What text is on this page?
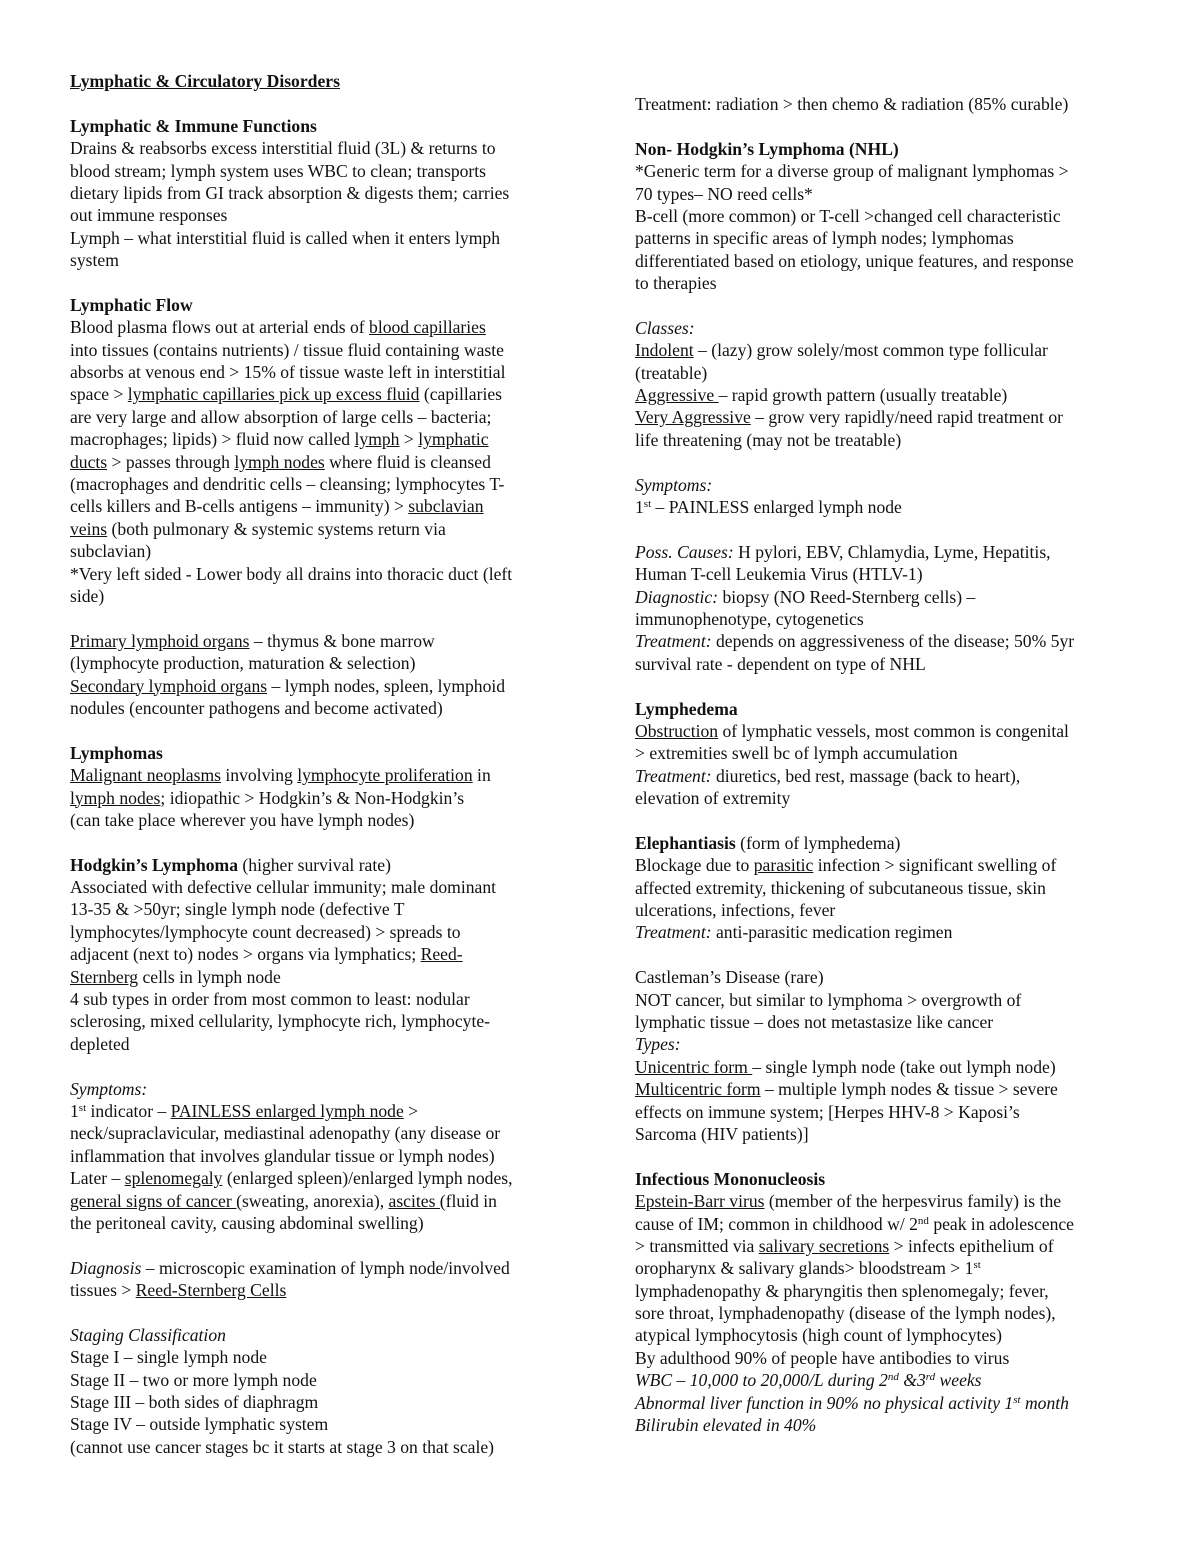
Lymphatic & Circulatory Disorders
Lymphatic & Immune Functions
Drains & reabsorbs excess interstitial fluid (3L) & returns to
blood stream; lymph system uses WBC to clean; transports
dietary lipids from GI track absorption & digests them; carries
out immune responses
Lymph – what interstitial fluid is called when it enters lymph
system
Lymphatic Flow
Blood plasma flows out at arterial ends of blood capillaries
into tissues (contains nutrients) / tissue fluid containing waste
absorbs at venous end > 15% of tissue waste left in interstitial
space > lymphatic capillaries pick up excess fluid (capillaries
are very large and allow absorption of large cells – bacteria;
macrophages; lipids) > fluid now called lymph > lymphatic
ducts > passes through lymph nodes where fluid is cleansed
(macrophages and dendritic cells – cleansing; lymphocytes T-
cells killers and B-cells antigens – immunity) > subclavian
veins (both pulmonary & systemic systems return via
subclavian)
*Very left sided - Lower body all drains into thoracic duct (left
side)
Primary lymphoid organs – thymus & bone marrow
(lymphocyte production, maturation & selection)
Secondary lymphoid organs – lymph nodes, spleen, lymphoid
nodules (encounter pathogens and become activated)
Lymphomas
Malignant neoplasms involving lymphocyte proliferation in
lymph nodes; idiopathic > Hodgkin’s & Non-Hodgkin’s
(can take place wherever you have lymph nodes)
Hodgkin’s Lymphoma (higher survival rate)
Associated with defective cellular immunity; male dominant
13-35 & >50yr; single lymph node (defective T
lymphocytes/lymphocyte count decreased) > spreads to
adjacent (next to) nodes > organs via lymphatics; Reed-
Sternberg cells in lymph node
4 sub types in order from most common to least: nodular
sclerosing, mixed cellularity, lymphocyte rich, lymphocyte-
depleted
Symptoms:
1st indicator – PAINLESS enlarged lymph node >
neck/supraclavicular, mediastinal adenopathy (any disease or
inflammation that involves glandular tissue or lymph nodes)
Later – splenomegaly (enlarged spleen)/enlarged lymph nodes,
general signs of cancer (sweating, anorexia), ascites (fluid in
the peritoneal cavity, causing abdominal swelling)
Diagnosis – microscopic examination of lymph node/involved
tissues > Reed-Sternberg Cells
Staging Classification
Stage I – single lymph node
Stage II – two or more lymph node
Stage III – both sides of diaphragm
Stage IV – outside lymphatic system
(cannot use cancer stages bc it starts at stage 3 on that scale)
Treatment: radiation > then chemo & radiation (85% curable)
Non- Hodgkin’s Lymphoma (NHL)
*Generic term for a diverse group of malignant lymphomas >
70 types– NO reed cells*
B-cell (more common) or T-cell >changed cell characteristic
patterns in specific areas of lymph nodes; lymphomas
differentiated based on etiology, unique features, and response
to therapies
Classes:
Indolent – (lazy) grow solely/most common type follicular
(treatable)
Aggressive – rapid growth pattern (usually treatable)
Very Aggressive – grow very rapidly/need rapid treatment or
life threatening (may not be treatable)
Symptoms:
1st – PAINLESS enlarged lymph node
Poss. Causes: H pylori, EBV, Chlamydia, Lyme, Hepatitis,
Human T-cell Leukemia Virus (HTLV-1)
Diagnostic: biopsy (NO Reed-Sternberg cells) –
immunophenotype, cytogenetics
Treatment: depends on aggressiveness of the disease; 50% 5yr
survival rate - dependent on type of NHL
Lymphedema
Obstruction of lymphatic vessels, most common is congenital
> extremities swell bc of lymph accumulation
Treatment: diuretics, bed rest, massage (back to heart),
elevation of extremity
Elephantiasis (form of lymphedema)
Blockage due to parasitic infection > significant swelling of
affected extremity, thickening of subcutaneous tissue, skin
ulcerations, infections, fever
Treatment: anti-parasitic medication regimen
Castleman’s Disease (rare)
NOT cancer, but similar to lymphoma > overgrowth of
lymphatic tissue – does not metastasize like cancer
Types:
Unicentric form – single lymph node (take out lymph node)
Multicentric form – multiple lymph nodes & tissue > severe
effects on immune system; [Herpes HHV-8 > Kaposi’s
Sarcoma (HIV patients)]
Infectious Mononucleosis
Epstein-Barr virus (member of the herpesvirus family) is the
cause of IM; common in childhood w/ 2nd peak in adolescence
> transmitted via salivary secretions > infects epithelium of
oropharynx & salivary glands> bloodstream > 1st
lymphadenopathy & pharyngitis then splenomegaly; fever,
sore throat, lymphadenopathy (disease of the lymph nodes),
atypical lymphocytosis (high count of lymphocytes)
By adulthood 90% of people have antibodies to virus
WBC – 10,000 to 20,000/L during 2nd &3rd weeks
Abnormal liver function in 90% no physical activity 1st month
Bilirubin elevated in 40%
